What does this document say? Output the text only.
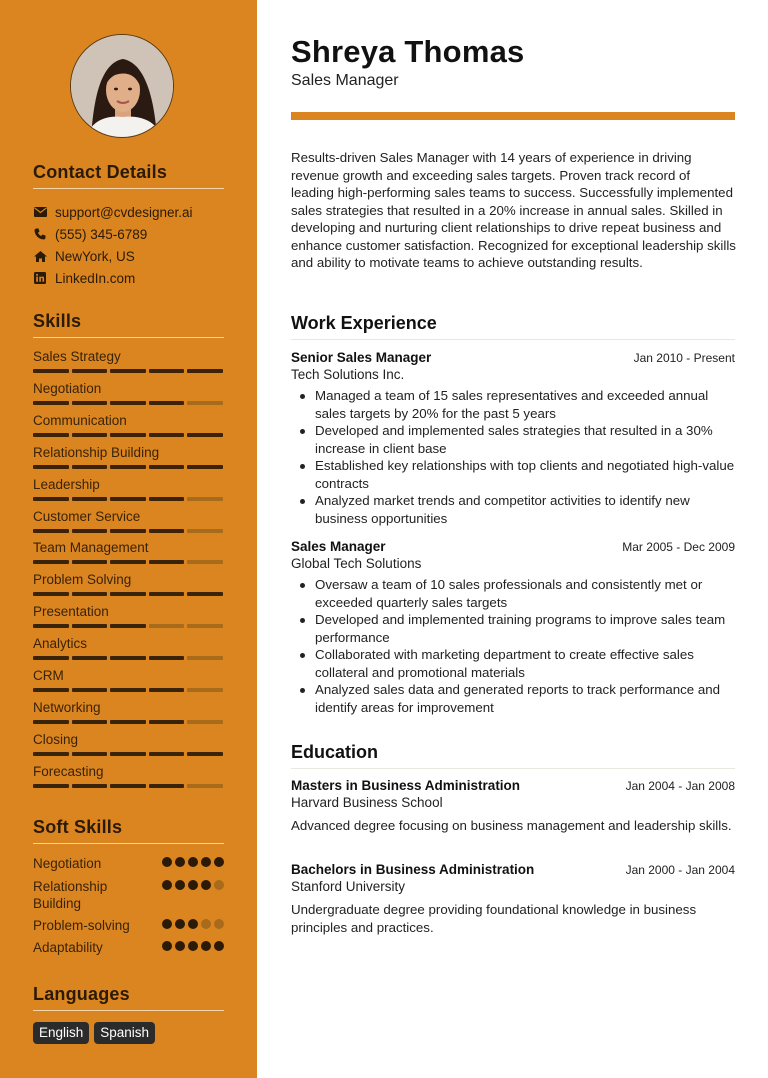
Contact Details
support@cvdesigner.ai
(555) 345-6789
NewYork, US
LinkedIn.com
Skills
Sales Strategy
Negotiation
Communication
Relationship Building
Leadership
Customer Service
Team Management
Problem Solving
Presentation
Analytics
CRM
Networking
Closing
Forecasting
Soft Skills
Negotiation
Relationship Building
Problem-solving
Adaptability
Languages
English	Spanish
Shreya Thomas
Sales Manager
Results-driven Sales Manager with 14 years of experience in driving revenue growth and exceeding sales targets. Proven track record of leading high-performing sales teams to success. Successfully implemented sales strategies that resulted in a 20% increase in annual sales. Skilled in developing and nurturing client relationships to drive repeat business and enhance customer satisfaction. Recognized for exceptional leadership skills and ability to motivate teams to achieve outstanding results.
Work Experience
Senior Sales Manager	Jan 2010 - Present
Tech Solutions Inc.
Managed a team of 15 sales representatives and exceeded annual sales targets by 20% for the past 5 years
Developed and implemented sales strategies that resulted in a 30% increase in client base
Established key relationships with top clients and negotiated high-value contracts
Analyzed market trends and competitor activities to identify new business opportunities
Sales Manager	Mar 2005 - Dec 2009
Global Tech Solutions
Oversaw a team of 10 sales professionals and consistently met or exceeded quarterly sales targets
Developed and implemented training programs to improve sales team performance
Collaborated with marketing department to create effective sales collateral and promotional materials
Analyzed sales data and generated reports to track performance and identify areas for improvement
Education
Masters in Business Administration	Jan 2004 - Jan 2008
Harvard Business School
Advanced degree focusing on business management and leadership skills.
Bachelors in Business Administration	Jan 2000 - Jan 2004
Stanford University
Undergraduate degree providing foundational knowledge in business principles and practices.
